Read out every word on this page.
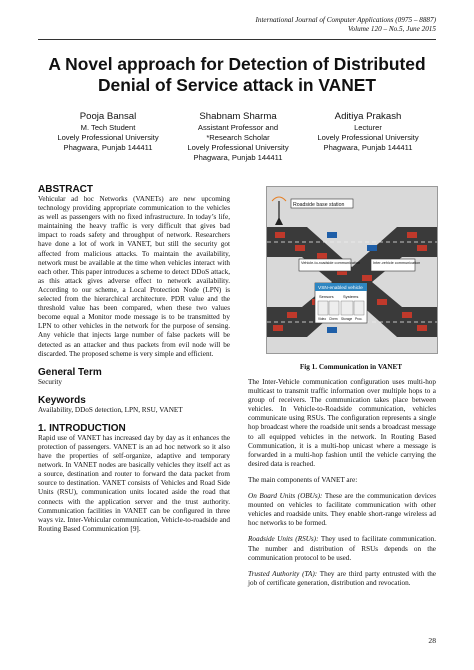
International Journal of Computer Applications (0975 – 8887)
Volume 120 – No.5, June 2015
A Novel approach for Detection of Distributed Denial of Service attack in VANET
Pooja Bansal
M. Tech Student
Lovely Professional University
Phagwara, Punjab 144411
Shabnam Sharma
Assistant Professor and
*Research Scholar
Lovely Professional University
Phagwara, Punjab 144411
Aditiya Prakash
Lecturer
Lovely Professional University
Phagwara, Punjab 144411
ABSTRACT

Vehicular ad hoc Networks (VANETs) are new upcoming technology providing appropriate communication to the vehicles as well as passengers with no fixed infrastructure. In today’s life, maintaining the heavy traffic is very difficult that gives bad impact to roads safety and throughput of network. Researchers have done a lot of work in VANET, but still the security got affected from malicious attacks. To maintain the availability, network must be available at the time when vehicles interact with each other. This paper introduces a scheme to detect DDoS attack, as this attack gives adverse effect to network availability. According to our scheme, a Local Protection Node (LPN) is selected from the hierarchical architecture. PDR value and the threshold value has been compared, when these two values become equal a Monitor mode message is to be transmitted by LPN to other vehicles in the network for the purpose of sensing. Any vehicle that injects large number of false packets will be detected as an attacker and thus packets from evil node will be discarded. The proposed scheme is very simple and efficient.

General Term

Security

Keywords

Availability, DDoS detection, LPN, RSU, VANET

1. INTRODUCTION

Rapid use of VANET has increased day by day as it enhances the protection of passengers. VANET is an ad hoc network so it also have the properties of self-organize, adaptive and temporary network. In VANET nodes are basically vehicles they itself act as a source, destination and router to forward the data packet from source to destination. VANET consists of Vehicles and Road Side Units (RSU), communication units located aside the road that connects with the application server and the trust authority. Communication facilities in VANET can be configured in three ways viz. Inter-Vehicular communication, Vehicle-to-roadside and Routing Based Communication [9].

Roadside base station
Vehicle-to-roadside communication	Inter-vehicle communication
VSN-enabled vehicle
Sensors Systems
Video Chem Storage Proc.
Fig 1. Communication in VANET

The Inter-Vehicle communication configuration uses multi-hop multicast to transmit traffic information over multiple hops to a group of receivers. The communication takes place between vehicles. In Vehicle-to-Roadside communication, vehicles communicate using RSUs. The configuration represents a single hop broadcast where the roadside unit sends a broadcast message to all equipped vehicles in the network. In Routing Based Communication, it is a multi-hop unicast where a message is forwarded in a multi-hop fashion until the vehicle carrying the desired data is reached.

The main components of VANET are:

On Board Units (OBUs): These are the communication devices mounted on vehicles to facilitate communication with other vehicles and roadside units. They enable short-range wireless ad hoc networks to be formed.

Roadside Units (RSUs): They used to facilitate communication. The number and distribution of RSUs depends on the communication protocol to be used.

Trusted Authority (TA): They are third party entrusted with the job of certificate generation, distribution and revocation.

28
